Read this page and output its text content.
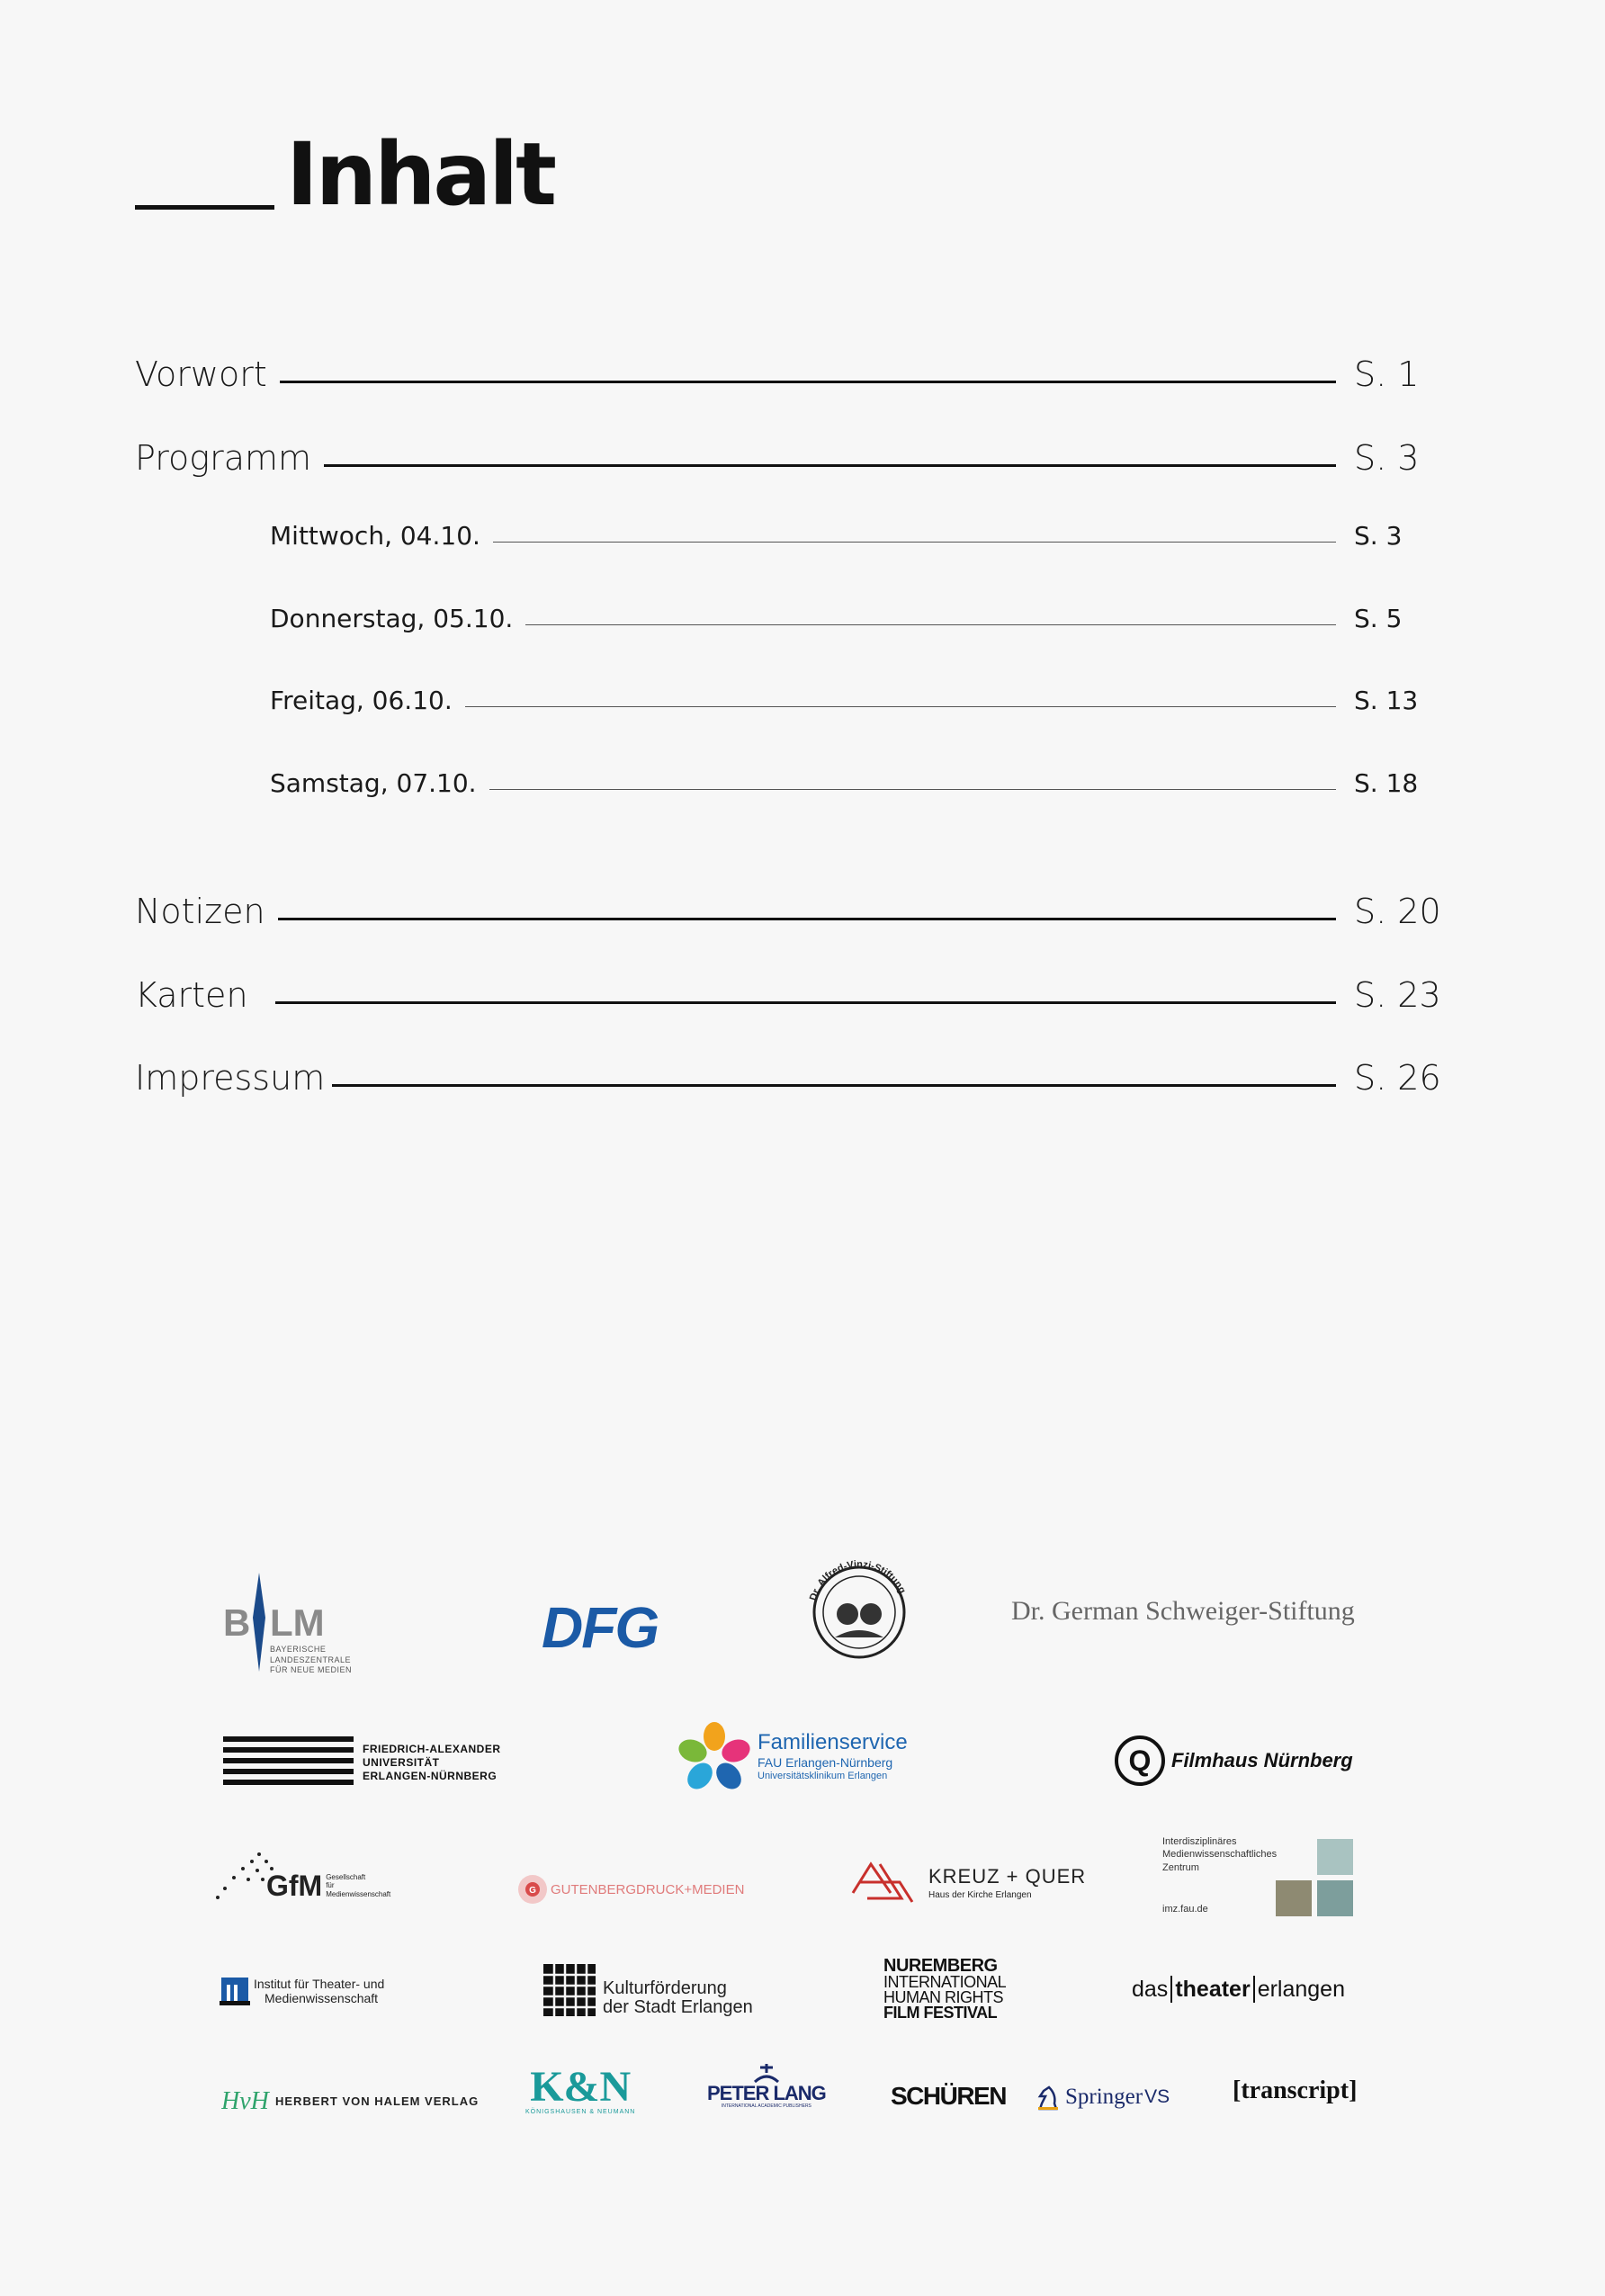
Inhalt
Vorwort	S. 1
Programm	S. 3
Mittwoch, 04.10.	S. 3
Donnerstag, 05.10.	S. 5
Freitag, 06.10.	S. 13
Samstag, 07.10.	S. 18
Notizen	S. 20
Karten	S. 23
Impressum	S. 26
B LM
BAYERISCHE LANDESZENTRALE
FÜR NEUE MEDIEN
DFG	Dr. Alfred-Vinzi-Stiftung
Dr. German Schweiger-Stiftung
FRIEDRICH-ALEXANDER
UNIVERSITÄT
ERLANGEN-NÜRNBERG
Familienservice
FAU Erlangen-Nürnberg
Universitätsklinikum Erlangen	Q Filmhaus Nürnberg
GfM Gesellschaft
für
Medienwissenschaft	G GUTENBERGDRUCK+MEDIEN
KREUZ + QUER
Haus der Kirche Erlangen
Interdisziplinäres
Medienwissenschaftliches
Zentrum
imz.fau.de
Institut für Theater- und
Medienwissenschaft	Kulturförderung
der Stadt Erlangen
NUREMBERG
INTERNATIONAL
HUMAN RIGHTS
FILM FESTIVAL
das theater erlangen
HvH HERBERT VON HALEM VERLAG K&N
KÖNIGSHAUSEN & NEUMANN
PETER LANG
INTERNATIONAL ACADEMIC PUBLISHERS	SCHÜREN	Springer VS [transcript]
